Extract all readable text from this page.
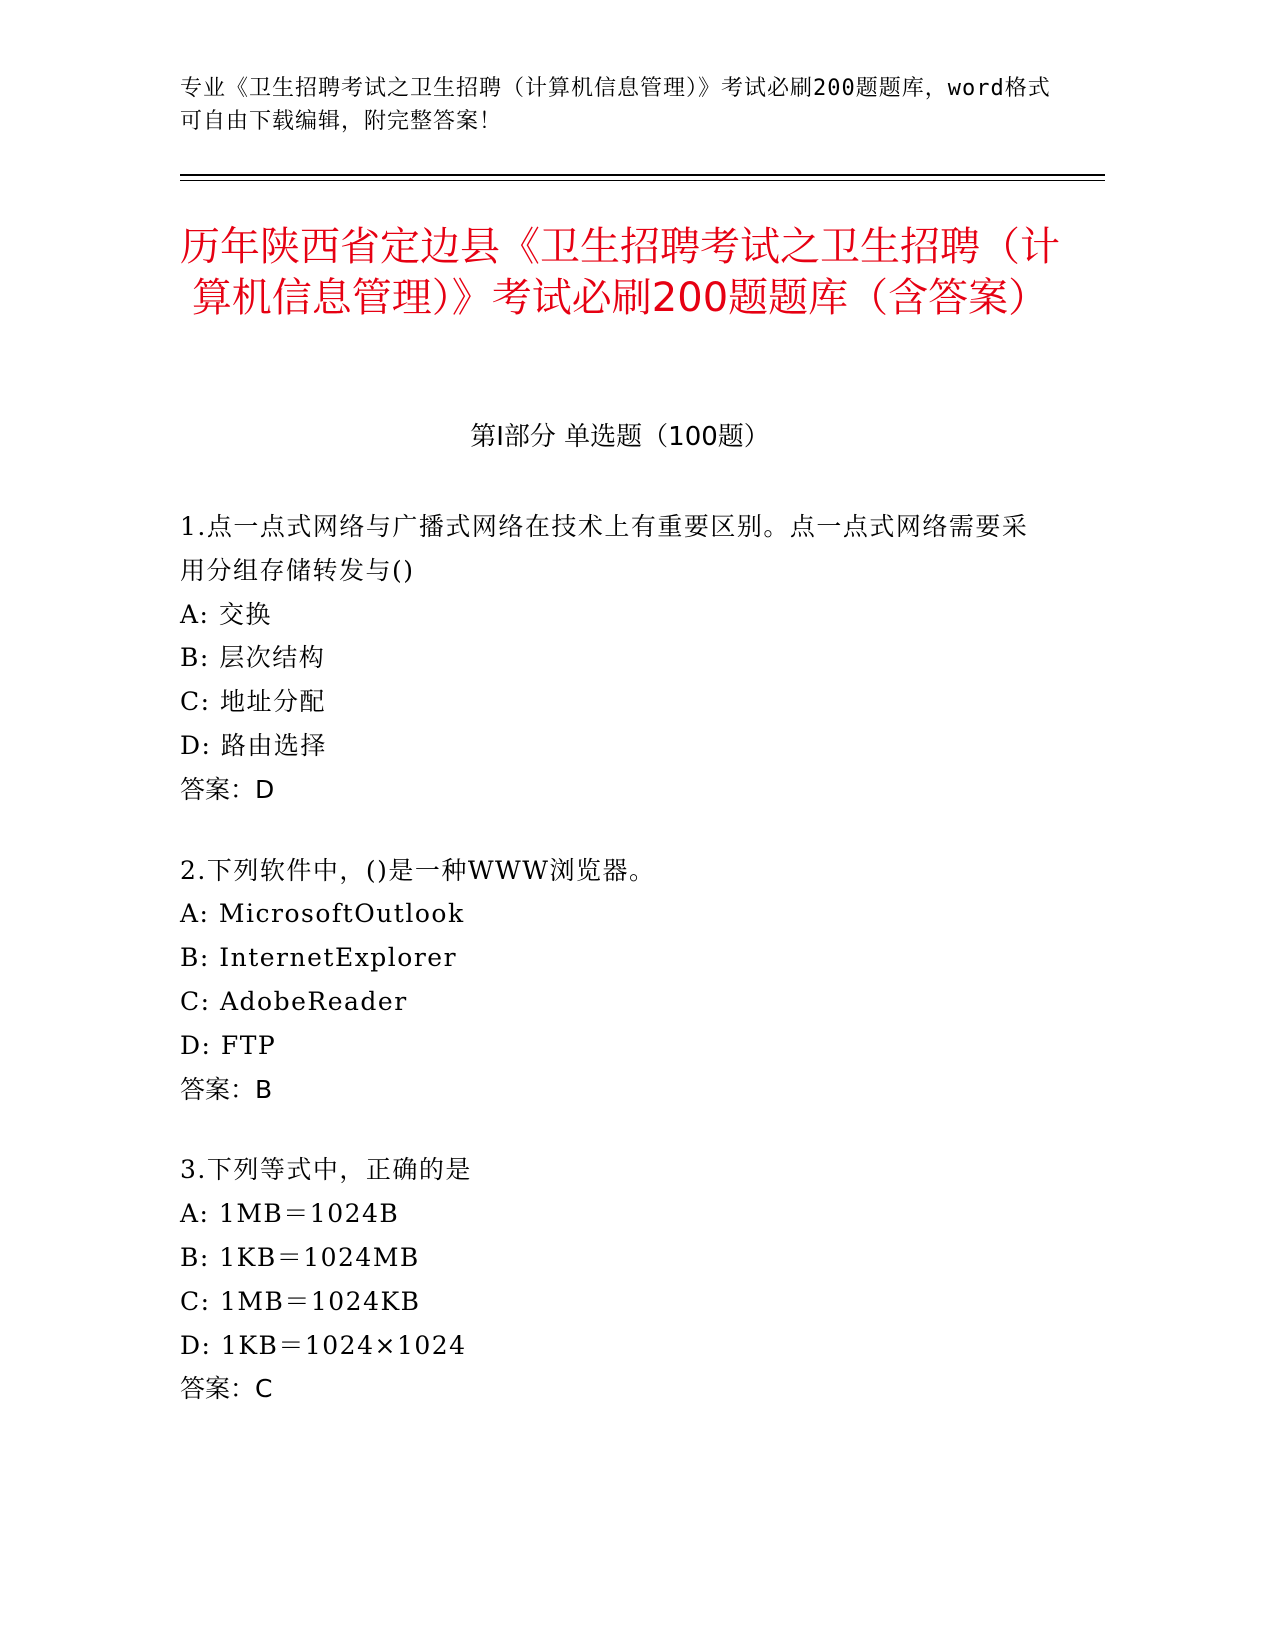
专业《卫生招聘考试之卫生招聘（计算机信息管理）》考试必刷200题题库，word格式可自由下载编辑，附完整答案！
历年陕西省定边县《卫生招聘考试之卫生招聘（计算机信息管理）》考试必刷200题题库（含答案）
第I部分 单选题（100题）

1.点一点式网络与广播式网络在技术上有重要区别。点一点式网络需要采用分组存储转发与()

A: 交换

B: 层次结构

C: 地址分配

D: 路由选择

答案：D

2.下列软件中，()是一种WWW浏览器。

A: MicrosoftOutlook

B: InternetExplorer

C: AdobeReader

D: FTP

答案：B

3.下列等式中，正确的是

A: 1MB＝1024B

B: 1KB＝1024MB

C: 1MB＝1024KB

D: 1KB＝1024×1024

答案：C
